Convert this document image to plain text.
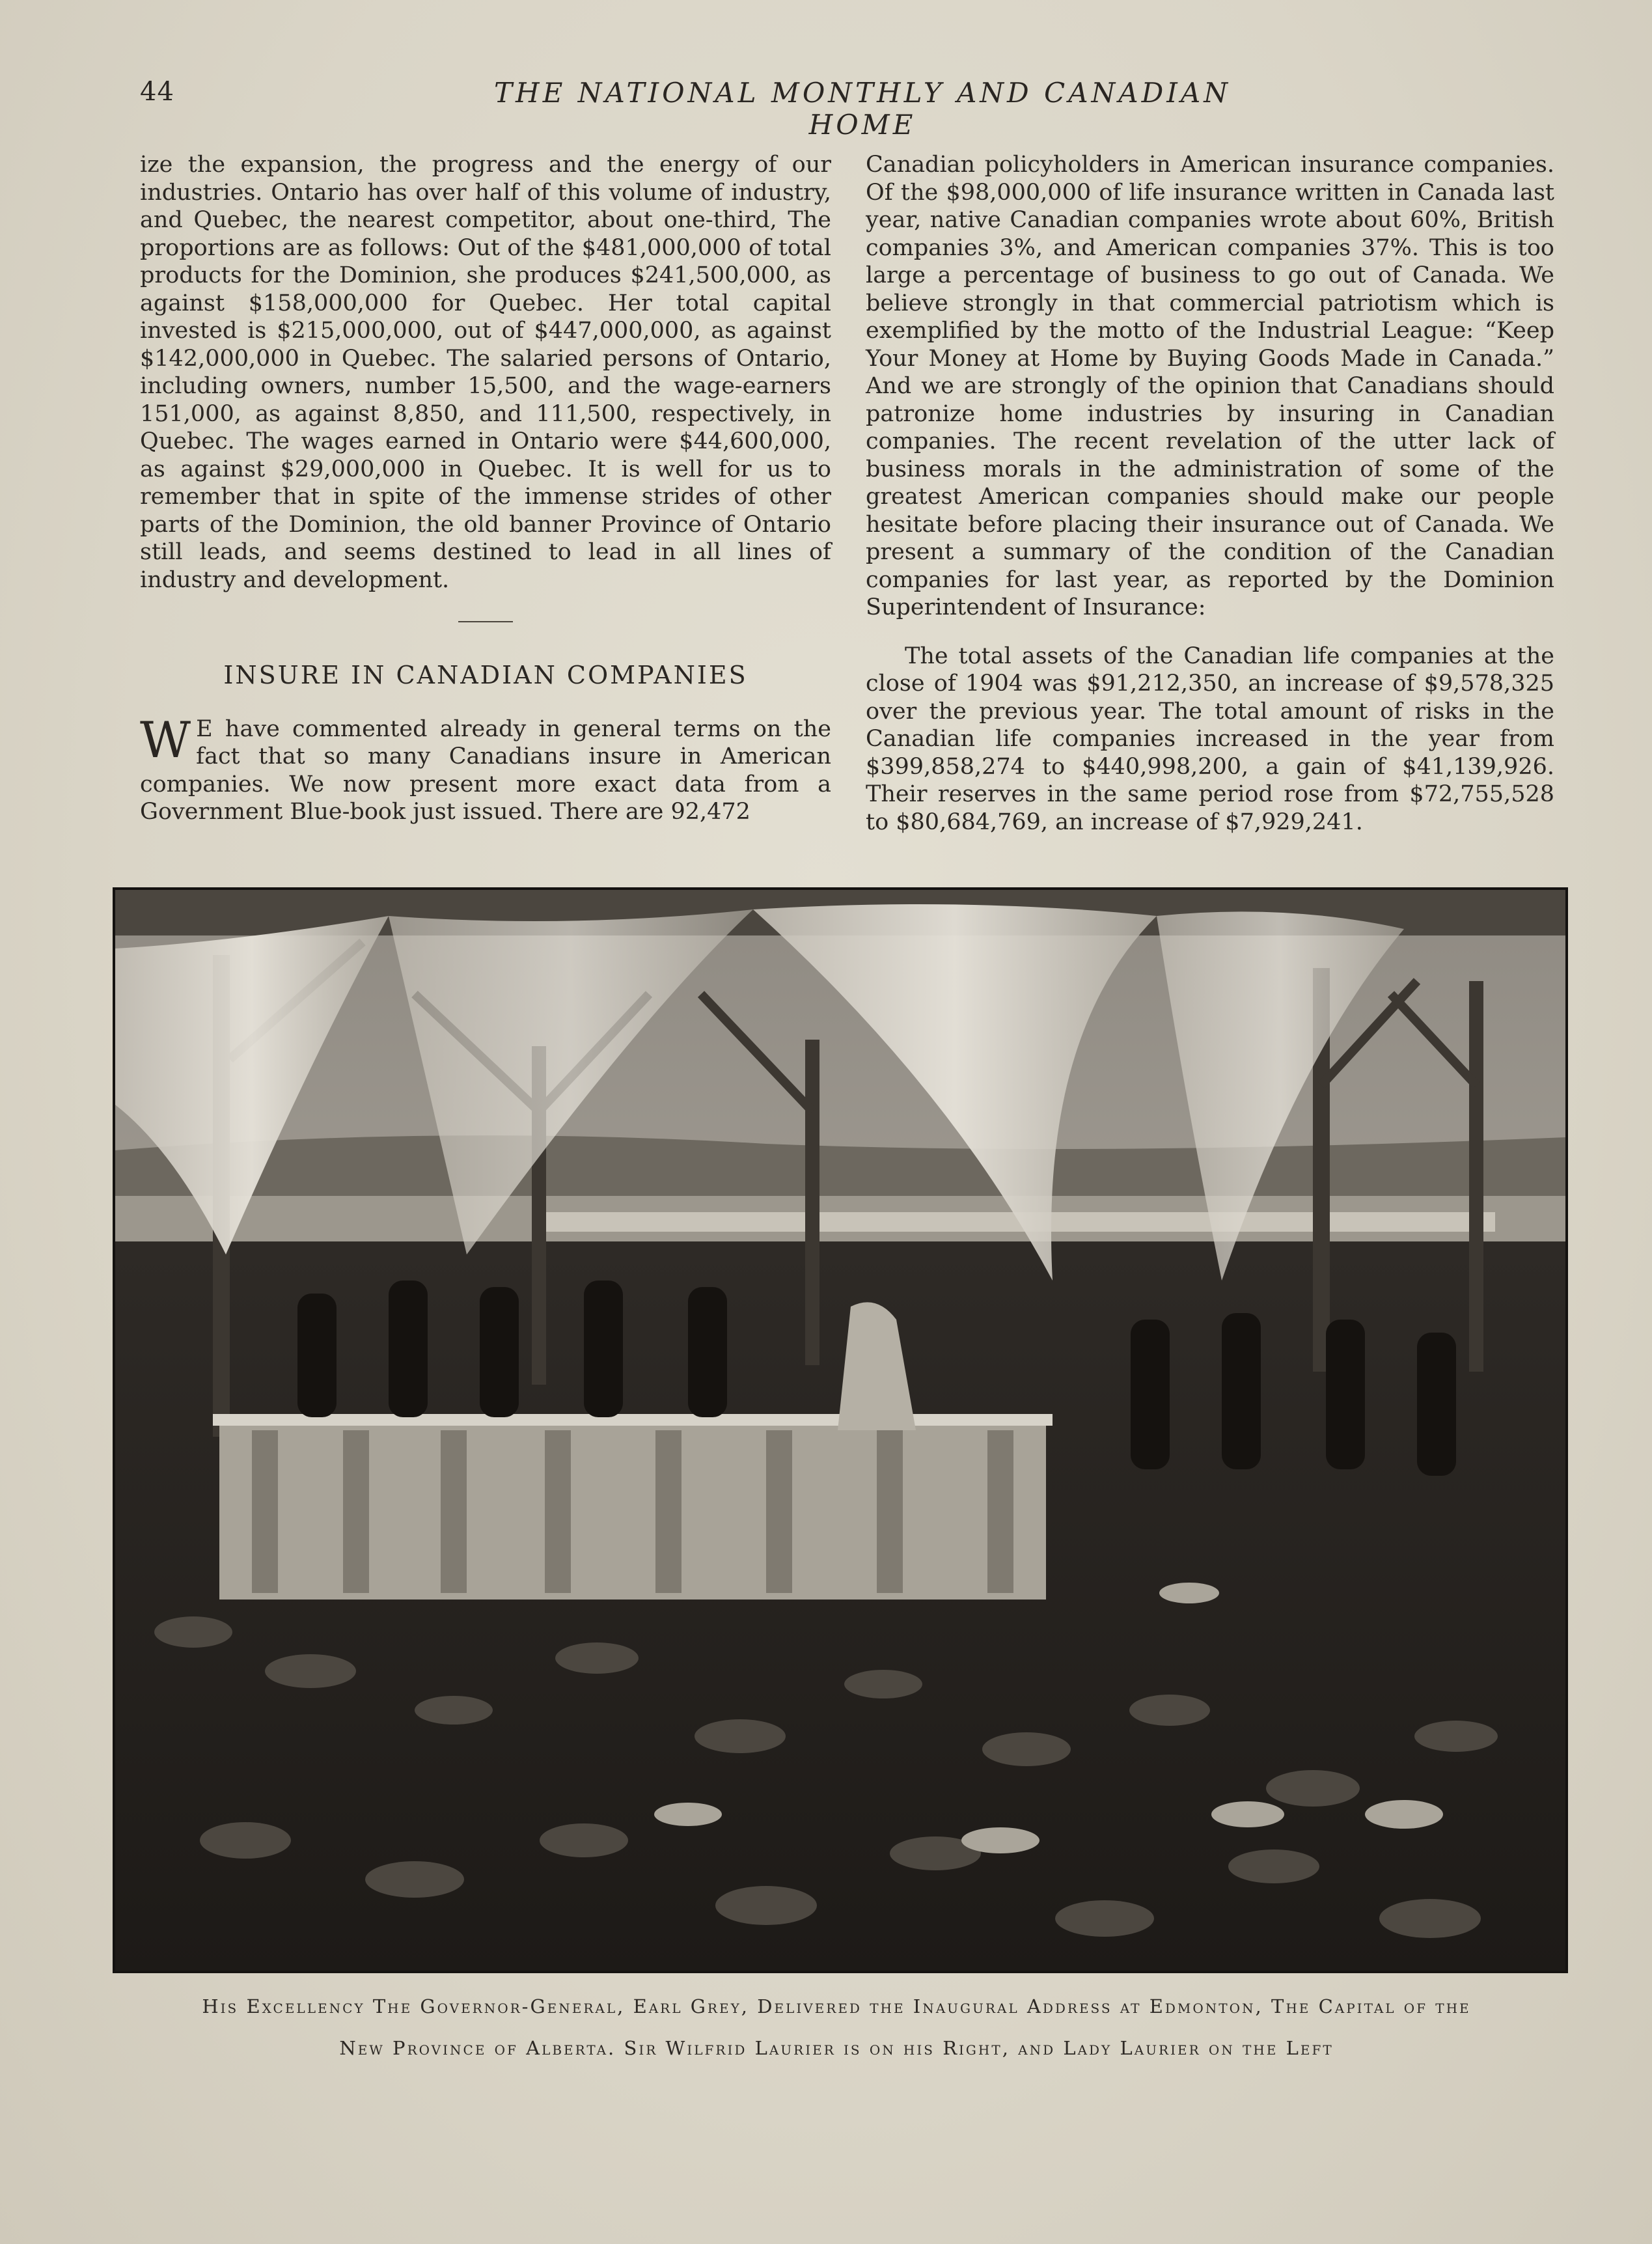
44	THE NATIONAL MONTHLY AND CANADIAN HOME

ize the expansion, the progress and the energy of our industries. Ontario has over half of this volume of industry, and Quebec, the nearest competitor, about one-third, The proportions are as follows: Out of the $481,000,000 of total products for the Dominion, she produces $241,500,000, as against $158,000,000 for Quebec. Her total capital invested is $215,000,000, out of $447,000,000, as against $142,000,000 in Quebec. The salaried persons of Ontario, including owners, number 15,500, and the wage-earners 151,000, as against 8,850, and 111,500, respectively, in Quebec. The wages earned in Ontario were $44,600,000, as against $29,000,000 in Quebec. It is well for us to remember that in spite of the immense strides of other parts of the Dominion, the old banner Province of Ontario still leads, and seems destined to lead in all lines of industry and development.

INSURE IN CANADIAN COMPANIES

W E have commented already in general terms on the fact that so many Canadians insure in American companies. We now present more exact data from a Government Blue-book just issued. There are 92,472

Canadian policyholders in American insurance companies. Of the $98,000,000 of life insurance written in Canada last year, native Canadian companies wrote about 60%, British companies 3%, and American companies 37%. This is too large a percentage of business to go out of Canada. We believe strongly in that commercial patriotism which is exemplified by the motto of the Industrial League: “Keep Your Money at Home by Buying Goods Made in Canada.” And we are strongly of the opinion that Canadians should patronize home industries by insuring in Canadian companies. The recent revelation of the utter lack of business morals in the administration of some of the greatest American companies should make our people hesitate before placing their insurance out of Canada. We present a summary of the condition of the Canadian companies for last year, as reported by the Dominion Superintendent of Insurance:

The total assets of the Canadian life companies at the close of 1904 was $91,212,350, an increase of $9,578,325 over the previous year. The total amount of risks in the Canadian life companies increased in the year from $399,858,274 to $440,998,200, a gain of $41,139,926. Their reserves in the same period rose from $72,755,528 to $80,684,769, an increase of $7,929,241.

His Excellency The Governor-General, Earl Grey, Delivered the Inaugural Address at Edmonton, The Capital of the
New Province of Alberta. Sir Wilfrid Laurier is on his Right, and Lady Laurier on the Left
